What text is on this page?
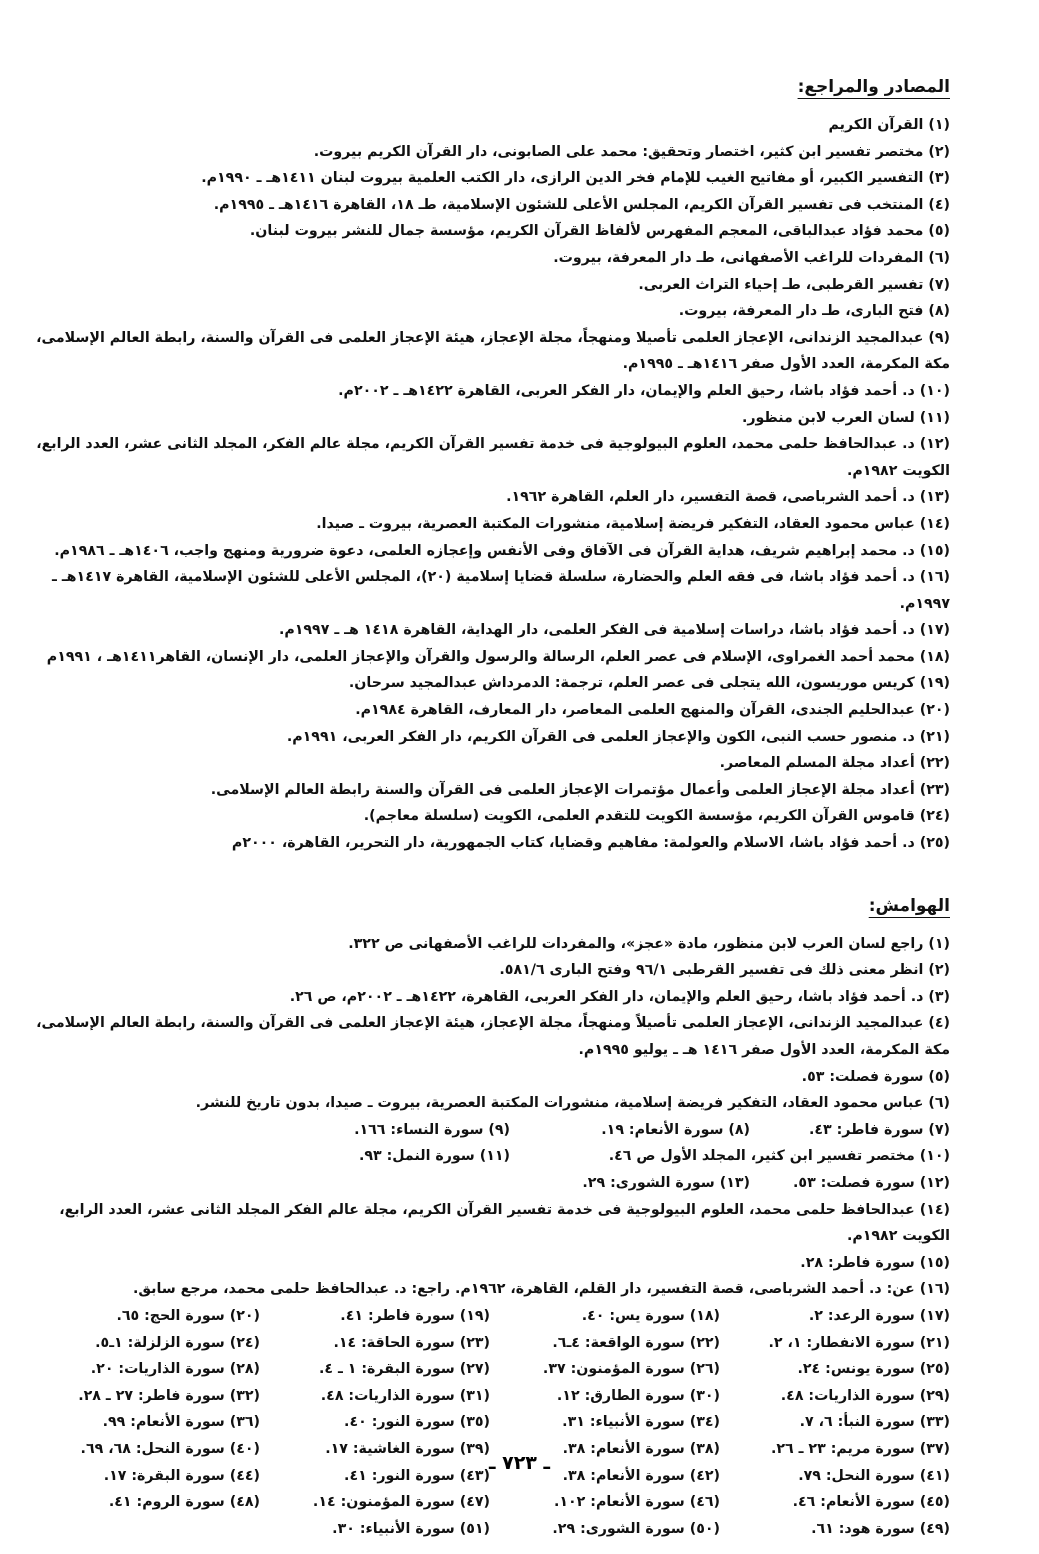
المصادر والمراجع:
(١) القرآن الكريم
(٢) مختصر تفسير ابن كثير، اختصار وتحقيق: محمد على الصابونى، دار القرآن الكريم بيروت.
(٣) التفسير الكبير، أو مفاتيح الغيب للإمام فخر الدين الرازى، دار الكتب العلمية بيروت لبنان ١٤١١هـ ـ ١٩٩٠م.
(٤) المنتخب فى تفسير القرآن الكريم، المجلس الأعلى للشئون الإسلامية، طـ ١٨، القاهرة ١٤١٦هـ ـ ١٩٩٥م.
(٥) محمد فؤاد عبدالباقى، المعجم المفهرس لألفاظ القرآن الكريم، مؤسسة جمال للنشر بيروت لبنان.
(٦) المفردات للراغب الأصفهانى، طـ دار المعرفة، بيروت.
(٧) تفسير القرطبى، طـ إحياء التراث العربى.
(٨) فتح البارى، طـ دار المعرفة، بيروت.
(٩) عبدالمجيد الزندانى، الإعجاز العلمى تأصيلا ومنهجاً، مجلة الإعجاز، هيئة الإعجاز العلمى فى القرآن والسنة، رابطة العالم الإسلامى، مكة المكرمة، العدد الأول صفر ١٤١٦هـ ـ ١٩٩٥م.
(١٠) د. أحمد فؤاد باشا، رحيق العلم والإيمان، دار الفكر العربى، القاهرة ١٤٢٢هـ ـ ٢٠٠٢م.
(١١) لسان العرب لابن منظور.
(١٢) د. عبدالحافظ حلمى محمد، العلوم البيولوجية فى خدمة تفسير القرآن الكريم، مجلة عالم الفكر، المجلد الثانى عشر، العدد الرابع، الكويت ١٩٨٢م.
(١٣) د. أحمد الشرباصى، قصة التفسير، دار العلم، القاهرة ١٩٦٢.
(١٤) عباس محمود العقاد، التفكير فريضة إسلامية، منشورات المكتبة العصرية، بيروت ـ صيدا.
(١٥) د. محمد إبراهيم شريف، هداية القرآن فى الآفاق وفى الأنفس وإعجازه العلمى، دعوة ضرورية ومنهج واجب، ١٤٠٦هـ ـ ١٩٨٦م.
(١٦) د. أحمد فؤاد باشا، فى فقه العلم والحضارة، سلسلة قضايا إسلامية (٢٠)، المجلس الأعلى للشئون الإسلامية، القاهرة ١٤١٧هـ ـ ١٩٩٧م.
(١٧) د. أحمد فؤاد باشا، دراسات إسلامية فى الفكر العلمى، دار الهداية، القاهرة ١٤١٨ هـ ـ ١٩٩٧م.
(١٨) محمد أحمد الغمراوى، الإسلام فى عصر العلم، الرسالة والرسول والقرآن والإعجاز العلمى، دار الإنسان، القاهر١٤١١هـ ، ١٩٩١م
(١٩) كريس موريسون، الله يتجلى فى عصر العلم، ترجمة: الدمرداش عبدالمجيد سرحان.
(٢٠) عبدالحليم الجندى، القرآن والمنهج العلمى المعاصر، دار المعارف، القاهرة ١٩٨٤م.
(٢١) د. منصور حسب النبى، الكون والإعجاز العلمى فى القرآن الكريم، دار الفكر العربى، ١٩٩١م.
(٢٢) أعداد مجلة المسلم المعاصر.
(٢٣) أعداد مجلة الإعجاز العلمى وأعمال مؤتمرات الإعجاز العلمى فى القرآن والسنة رابطة العالم الإسلامى.
(٢٤) قاموس القرآن الكريم، مؤسسة الكويت للتقدم العلمى، الكويت (سلسلة معاجم).
(٢٥) د. أحمد فؤاد باشا، الاسلام والعولمة: مفاهيم وقضايا، كتاب الجمهورية، دار التحرير، القاهرة، ٢٠٠٠م
الهوامش:
(١) راجع لسان العرب لابن منظور، مادة «عجز»، والمفردات للراغب الأصفهانى ص ٣٢٢.
(٢) انظر معنى ذلك فى تفسير القرطبى ٩٦/١ وفتح البارى ٥٨١/٦.
(٣) د. أحمد فؤاد باشا، رحيق العلم والإيمان، دار الفكر العربى، القاهرة، ١٤٢٢هـ ـ ٢٠٠٢م، ص ٢٦.
(٤) عبدالمجيد الزندانى، الإعجاز العلمى تأصيلاً ومنهجاً، مجلة الإعجاز، هيئة الإعجاز العلمى فى القرآن والسنة، رابطة العالم الإسلامى، مكة المكرمة، العدد الأول صفر ١٤١٦ هـ ـ يوليو ١٩٩٥م.
(٥) سورة فصلت: ٥٣.
(٦) عباس محمود العقاد، التفكير فريضة إسلامية، منشورات المكتبة العصرية، بيروت ـ صيدا، بدون تاريخ للنشر.
(٧) سورة فاطر: ٤٣.
(٨) سورة الأنعام: ١٩.
(٩) سورة النساء: ١٦٦.
(١٠) مختصر تفسير ابن كثير، المجلد الأول ص ٤٦.
(١١) سورة النمل: ٩٣.
(١٢) سورة فصلت: ٥٣.
(١٣) سورة الشورى: ٢٩.
(١٤) عبدالحافظ حلمى محمد، العلوم البيولوجية فى خدمة تفسير القرآن الكريم، مجلة عالم الفكر المجلد الثانى عشر، العدد الرابع، الكويت ١٩٨٢م.
(١٥) سورة فاطر: ٢٨.
(١٦) عن: د. أحمد الشرباصى، قصة التفسير، دار القلم، القاهرة، ١٩٦٢م. راجع: د. عبدالحافظ حلمى محمد، مرجع سابق.
(١٧) سورة الرعد: ٢.
(١٨) سورة يس: ٤٠.
(١٩) سورة فاطر: ٤١.
(٢٠) سورة الحج: ٦٥.
(٢١) سورة الانفطار: ١، ٢.
(٢٢) سورة الواقعة: ٤ـ٦.
(٢٣) سورة الحاقة: ١٤.
(٢٤) سورة الزلزلة: ١ـ٥.
(٢٥) سورة يونس: ٢٤.
(٢٦) سورة المؤمنون: ٣٧.
(٢٧) سورة البقرة: ١ ـ ٤.
(٢٨) سورة الذاريات: ٢٠.
(٢٩) سورة الذاريات: ٤٨.
(٣٠) سورة الطارق: ١٢.
(٣١) سورة الذاريات: ٤٨.
(٣٢) سورة فاطر: ٢٧ ـ ٢٨.
(٣٣) سورة النبأ: ٦، ٧.
(٣٤) سورة الأنبياء: ٣١.
(٣٥) سورة النور: ٤٠.
(٣٦) سورة الأنعام: ٩٩.
(٣٧) سورة مريم: ٢٣ ـ ٢٦.
(٣٨) سورة الأنعام: ٣٨.
(٣٩) سورة الغاشية: ١٧.
(٤٠) سورة النحل: ٦٨، ٦٩.
(٤١) سورة النحل: ٧٩.
(٤٢) سورة الأنعام: ٣٨.
(٤٣) سورة النور: ٤١.
(٤٤) سورة البقرة: ١٧.
(٤٥) سورة الأنعام: ٤٦.
(٤٦) سورة الأنعام: ١٠٢.
(٤٧) سورة المؤمنون: ١٤.
(٤٨) سورة الروم: ٤١.
(٤٩) سورة هود: ٦١.
(٥٠) سورة الشورى: ٢٩.
(٥١) سورة الأنبياء: ٣٠.
ـ ٧٢٣ ـ
